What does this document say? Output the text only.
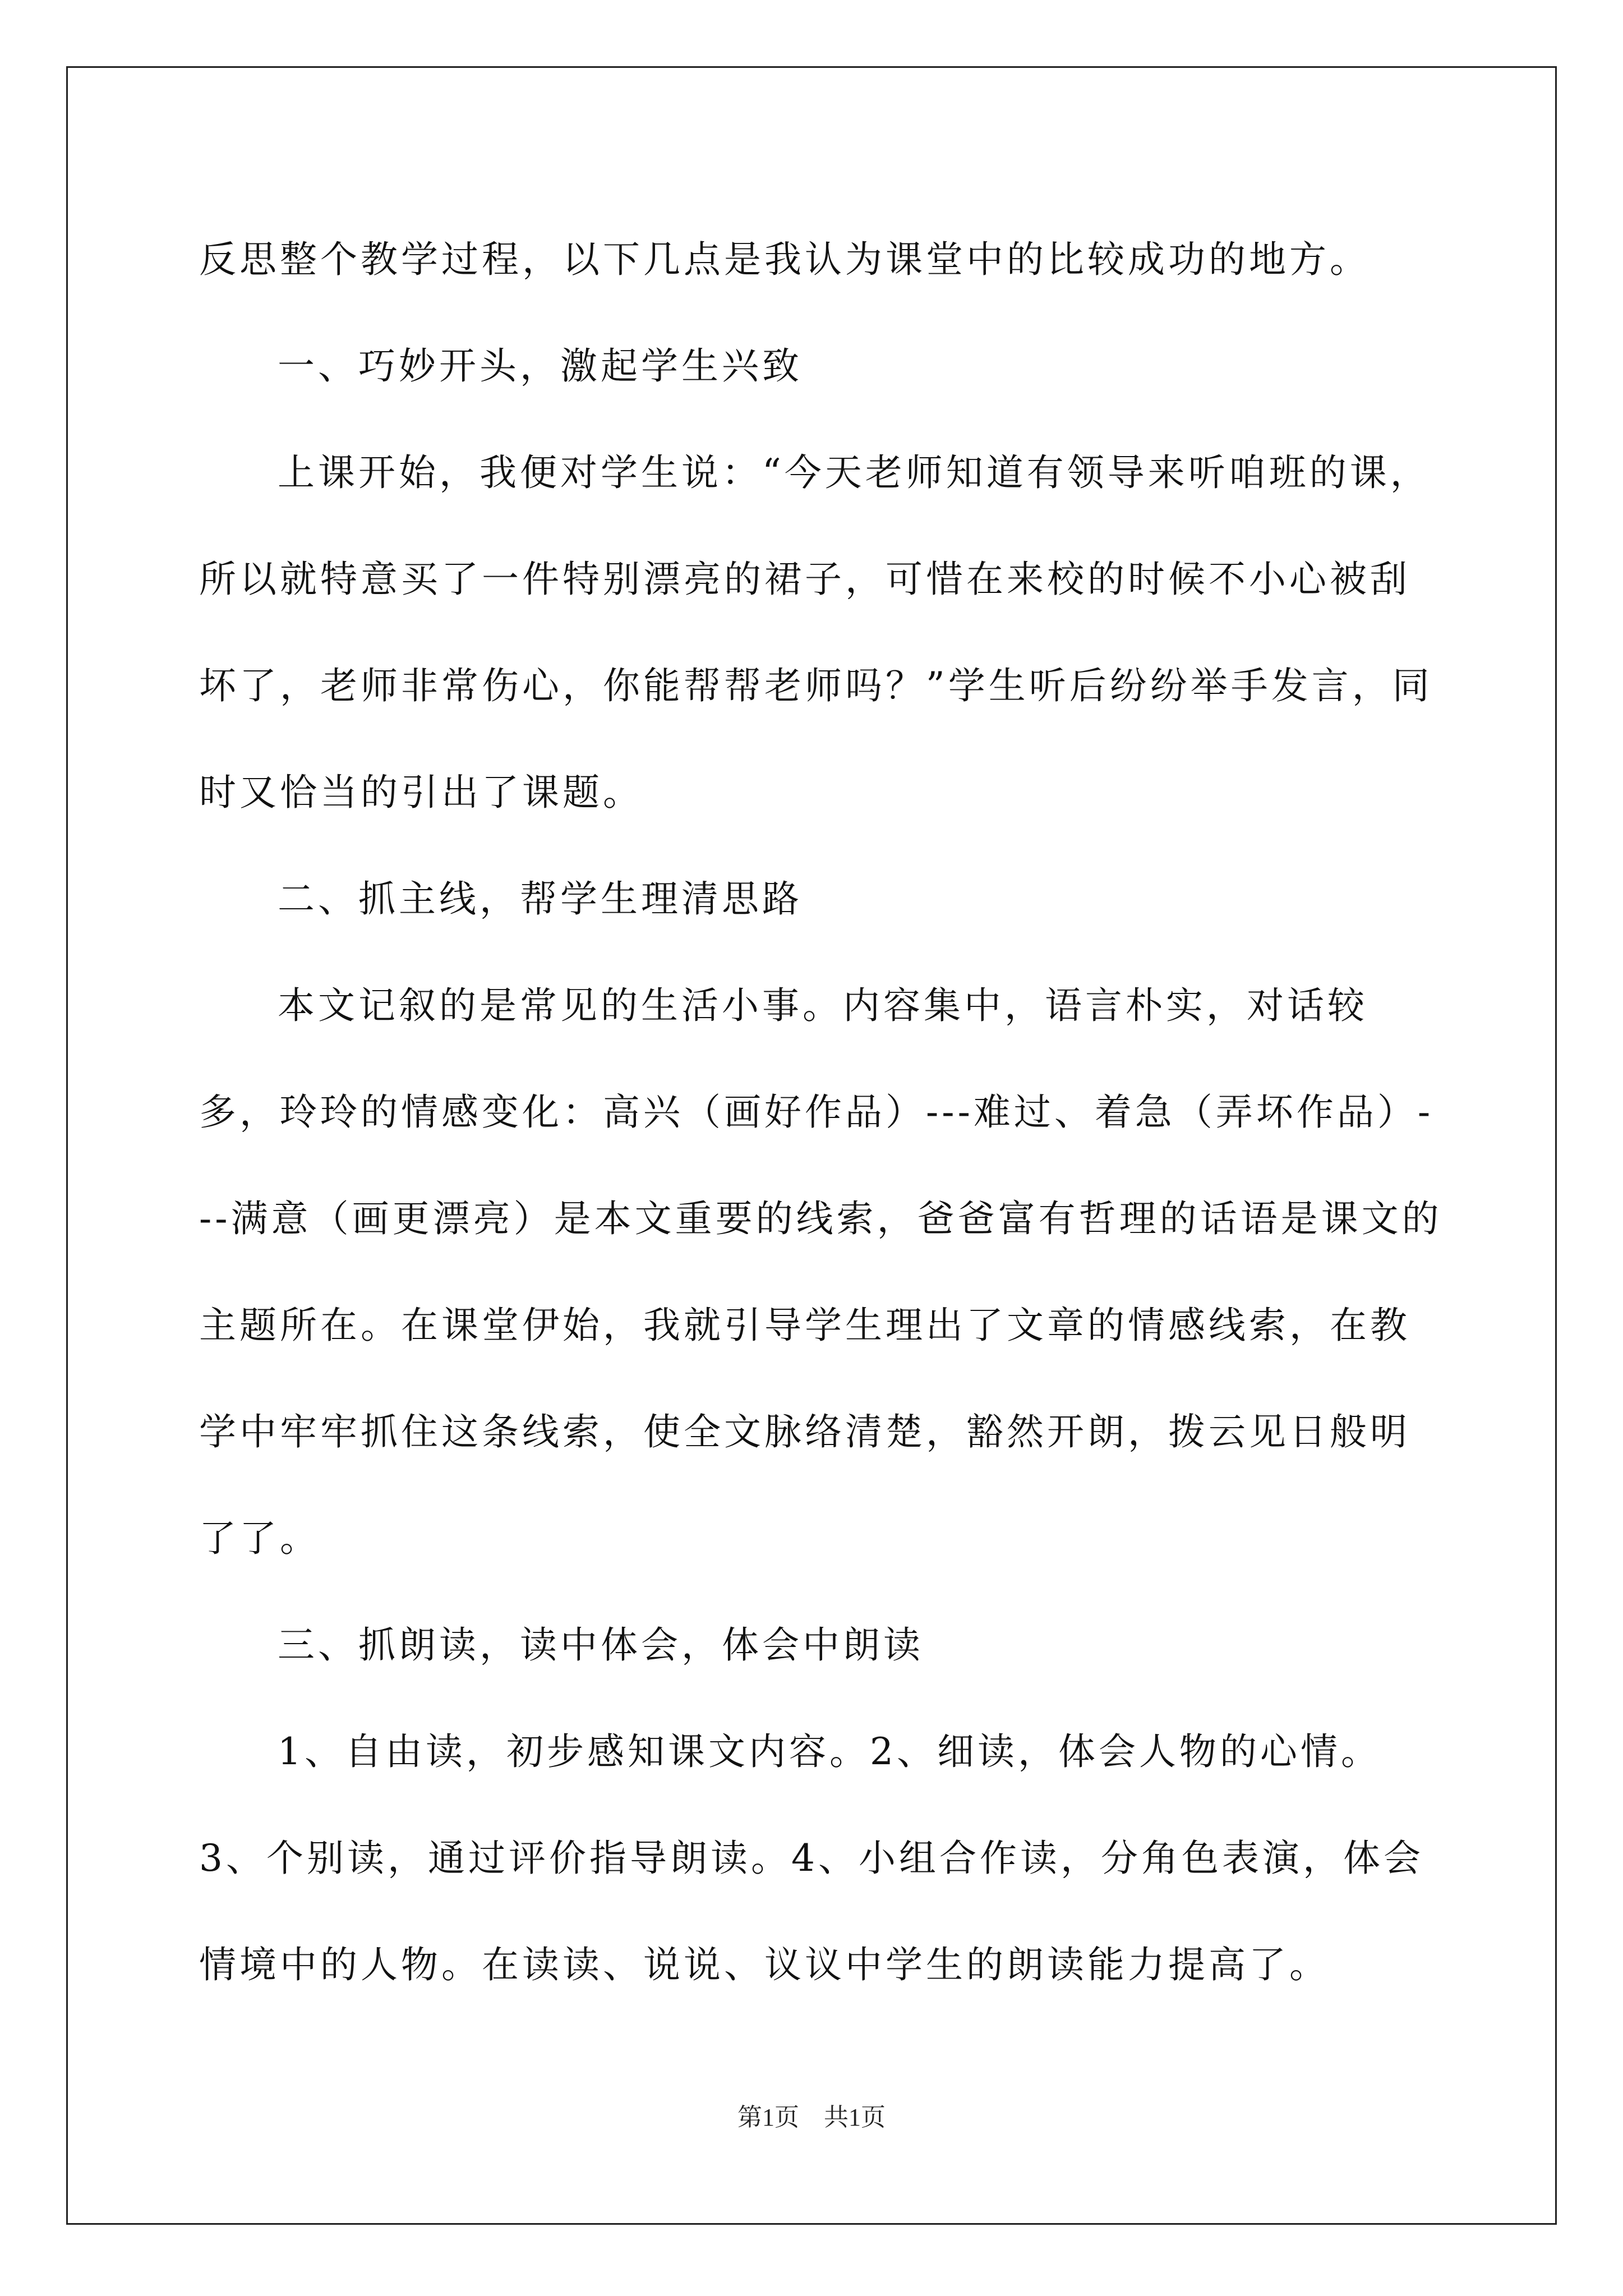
反思整个教学过程，以下几点是我认为课堂中的比较成功的地方。

一、巧妙开头，激起学生兴致

上课开始，我便对学生说：“今天老师知道有领导来听咱班的课，所以就特意买了一件特别漂亮的裙子，可惜在来校的时候不小心被刮坏了，老师非常伤心，你能帮帮老师吗？”学生听后纷纷举手发言，同时又恰当的引出了课题。

二、抓主线，帮学生理清思路

本文记叙的是常见的生活小事。内容集中，语言朴实，对话较多，玲玲的情感变化：高兴（画好作品）---难过、着急（弄坏作品）---满意（画更漂亮）是本文重要的线索，爸爸富有哲理的话语是课文的主题所在。在课堂伊始，我就引导学生理出了文章的情感线索，在教学中牢牢抓住这条线索，使全文脉络清楚，豁然开朗，拨云见日般明了了。

三、抓朗读，读中体会，体会中朗读

1、自由读，初步感知课文内容。2、细读，体会人物的心情。3、个别读，通过评价指导朗读。4、小组合作读，分角色表演，体会情境中的人物。在读读、说说、议议中学生的朗读能力提高了。

第1页　共1页
